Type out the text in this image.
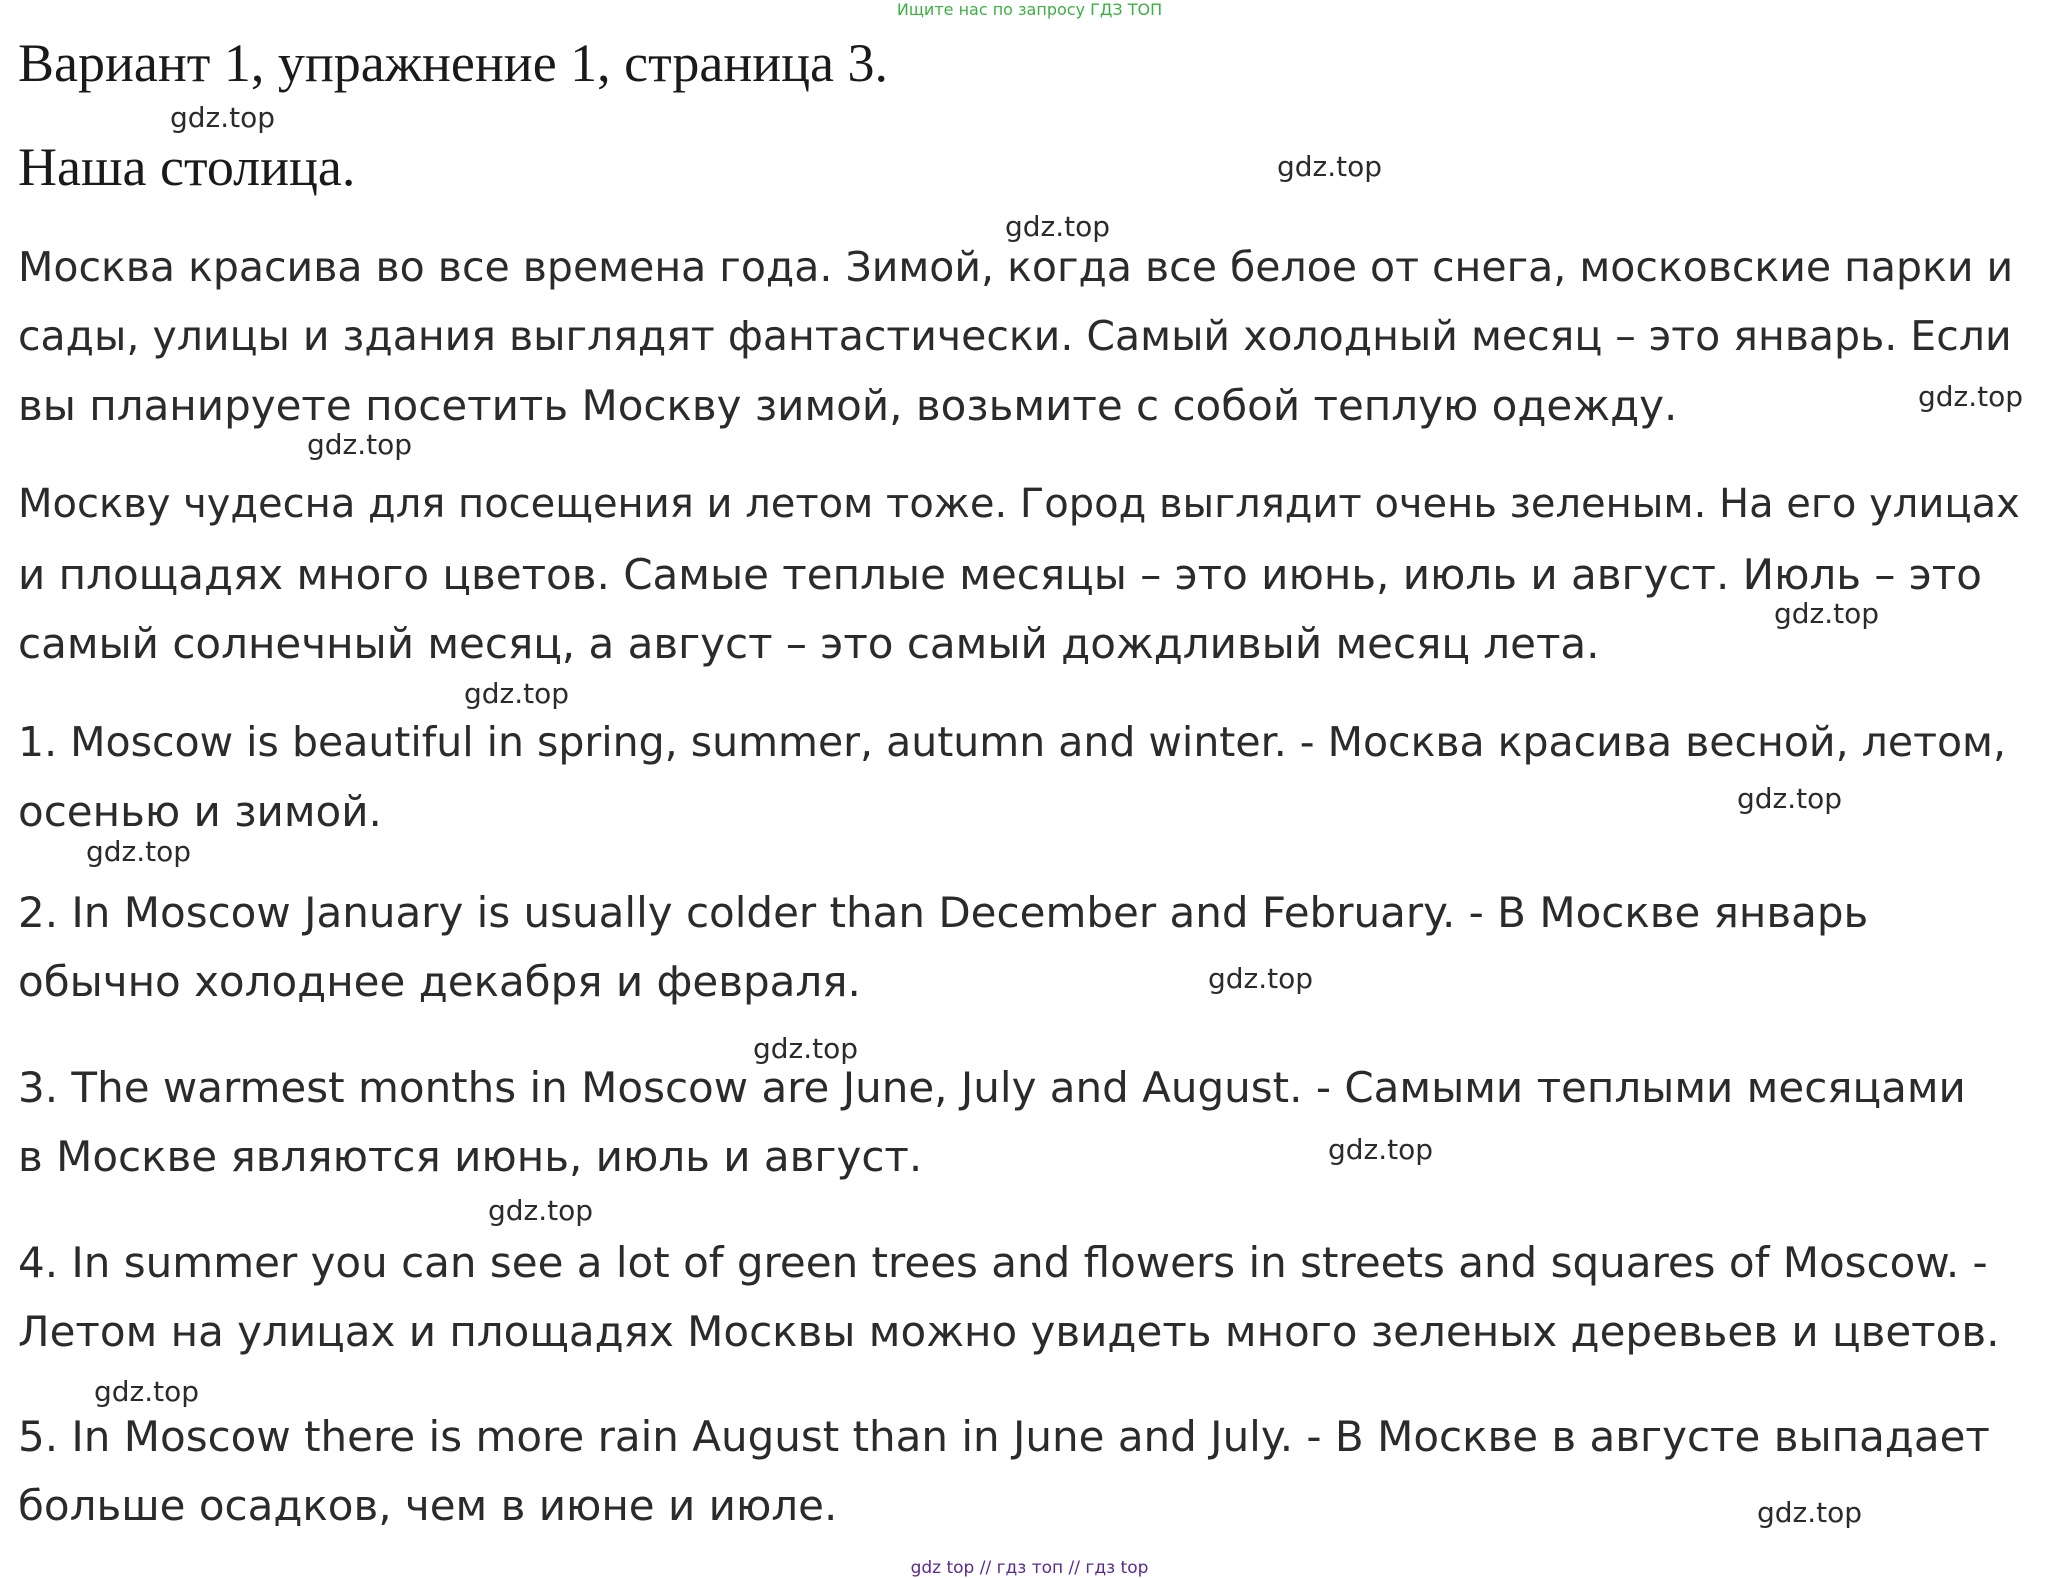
Ищите нас по запросу ГДЗ ТОП
Вариант 1, упражнение 1, страница 3.
Наша столица.
Москва красива во все времена года. Зимой, когда все белое от снега, московские парки и
сады, улицы и здания выглядят фантастически. Самый холодный месяц – это январь. Если
вы планируете посетить Москву зимой, возьмите с собой теплую одежду.
Москву чудесна для посещения и летом тоже. Город выглядит очень зеленым. На его улицах
и площадях много цветов. Самые теплые месяцы – это июнь, июль и август. Июль – это
самый солнечный месяц, а август – это самый дождливый месяц лета.
1. Moscow is beautiful in spring, summer, autumn and winter. - Москва красива весной, летом,
осенью и зимой.
2. In Moscow January is usually colder than December and February. - В Москве январь
обычно холоднее декабря и февраля.
3. The warmest months in Moscow are June, July and August. - Самыми теплыми месяцами
в Москве являются июнь, июль и август.
4. In summer you can see a lot of green trees and flowers in streets and squares of Moscow. -
Летом на улицах и площадях Москвы можно увидеть много зеленых деревьев и цветов.
5. In Moscow there is more rain August than in June and July. - В Москве в августе выпадает
больше осадков, чем в июне и июле.
gdz.top
gdz.top
gdz.top
gdz.top
gdz.top
gdz.top
gdz.top
gdz.top
gdz.top
gdz.top
gdz.top
gdz.top
gdz.top
gdz.top
gdz.top
gdz top // гдз топ // гдз top
